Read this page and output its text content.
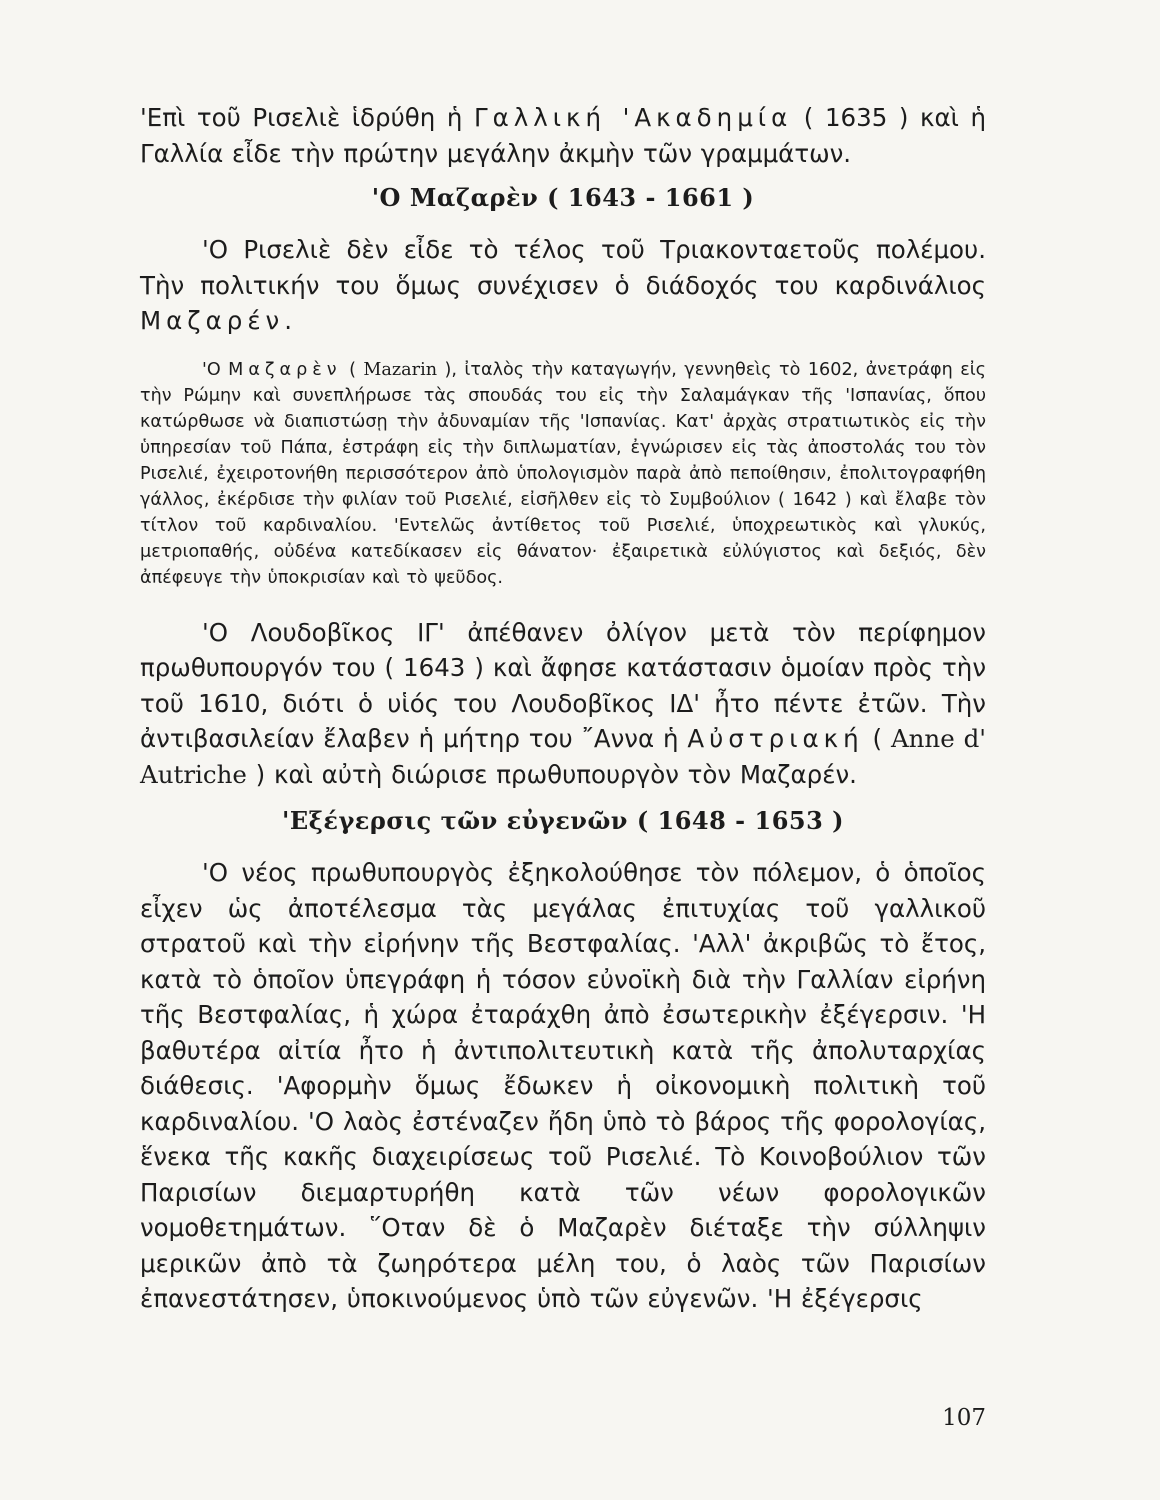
'Επὶ τοῦ Ρισελιὲ ἱδρύθη ἡ Γαλλική 'Ακαδημία ( 1635 ) καὶ ἡ Γαλλία εἶδε τὴν πρώτην μεγάλην ἀκμὴν τῶν γραμμάτων.

'Ο Μαζαρὲν ( 1643 - 1661 )

'Ο Ρισελιὲ δὲν εἶδε τὸ τέλος τοῦ Τριακονταετοῦς πολέμου. Τὴν πολιτικήν του ὅμως συνέχισεν ὁ διάδοχός του καρδινάλιος Μαζαρέν.

'Ο Μαζαρὲν ( Mazarin ), ἰταλὸς τὴν καταγωγήν, γεννηθεὶς τὸ 1602, ἀνετράφη εἰς τὴν Ρώμην καὶ συνεπλήρωσε τὰς σπουδάς του εἰς τὴν Σαλαμάγκαν τῆς 'Ισπανίας, ὅπου κατώρθωσε νὰ διαπιστώσῃ τὴν ἀδυναμίαν τῆς 'Ισπανίας. Κατ' ἀρχὰς στρατιωτικὸς εἰς τὴν ὑπηρεσίαν τοῦ Πάπα, ἐστράφη εἰς τὴν διπλωματίαν, ἐγνώρισεν εἰς τὰς ἀποστολάς του τὸν Ρισελιέ, ἐχειροτονήθη περισσότερον ἀπὸ ὑπολογισμὸν παρὰ ἀπὸ πεποίθησιν, ἐπολιτογραφήθη γάλλος, ἐκέρδισε τὴν φιλίαν τοῦ Ρισελιέ, εἰσῆλθεν εἰς τὸ Συμβούλιον ( 1642 ) καὶ ἔλαβε τὸν τίτλον τοῦ καρδιναλίου. 'Εντελῶς ἀντίθετος τοῦ Ρισελιέ, ὑποχρεωτικὸς καὶ γλυκύς, μετριοπαθής, οὐδένα κατεδίκασεν εἰς θάνατον· ἐξαιρετικὰ εὐλύγιστος καὶ δεξιός, δὲν ἀπέφευγε τὴν ὑποκρισίαν καὶ τὸ ψεῦδος.

'Ο Λουδοβῖκος ΙΓ' ἀπέθανεν ὀλίγον μετὰ τὸν περίφημον πρωθυπουργόν του ( 1643 ) καὶ ἄφησε κατάστασιν ὁμοίαν πρὸς τὴν τοῦ 1610, διότι ὁ υἱός του Λουδοβῖκος ΙΔ' ἦτο πέντε ἐτῶν. Τὴν ἀντιβασιλείαν ἔλαβεν ἡ μήτηρ του ῎Αννα ἡ Αὐστριακή ( Anne d' Autriche ) καὶ αὐτὴ διώρισε πρωθυπουργὸν τὸν Μαζαρέν.

'Εξέγερσις τῶν εὐγενῶν ( 1648 - 1653 )

'Ο νέος πρωθυπουργὸς ἐξηκολούθησε τὸν πόλεμον, ὁ ὁποῖος εἶχεν ὡς ἀποτέλεσμα τὰς μεγάλας ἐπιτυχίας τοῦ γαλλικοῦ στρατοῦ καὶ τὴν εἰρήνην τῆς Βεστφαλίας. 'Αλλ' ἀκριβῶς τὸ ἔτος, κατὰ τὸ ὁποῖον ὑπεγράφη ἡ τόσον εὐνοϊκὴ διὰ τὴν Γαλλίαν εἰρήνη τῆς Βεστφαλίας, ἡ χώρα ἐταράχθη ἀπὸ ἐσωτερικὴν ἐξέγερσιν. 'Η βαθυτέρα αἰτία ἦτο ἡ ἀντιπολιτευτικὴ κατὰ τῆς ἀπολυταρχίας διάθεσις. 'Αφορμὴν ὅμως ἔδωκεν ἡ οἰκονομικὴ πολιτικὴ τοῦ καρδιναλίου. 'Ο λαὸς ἐστέναζεν ἤδη ὑπὸ τὸ βάρος τῆς φορολογίας, ἕνεκα τῆς κακῆς διαχειρίσεως τοῦ Ρισελιέ. Τὸ Κοινοβούλιον τῶν Παρισίων διεμαρτυρήθη κατὰ τῶν νέων φορολογικῶν νομοθετημάτων. ῞Οταν δὲ ὁ Μαζαρὲν διέταξε τὴν σύλληψιν μερικῶν ἀπὸ τὰ ζωηρότερα μέλη του, ὁ λαὸς τῶν Παρισίων ἐπανεστάτησεν, ὑποκινούμενος ὑπὸ τῶν εὐγενῶν. 'Η ἐξέγερσις

107
